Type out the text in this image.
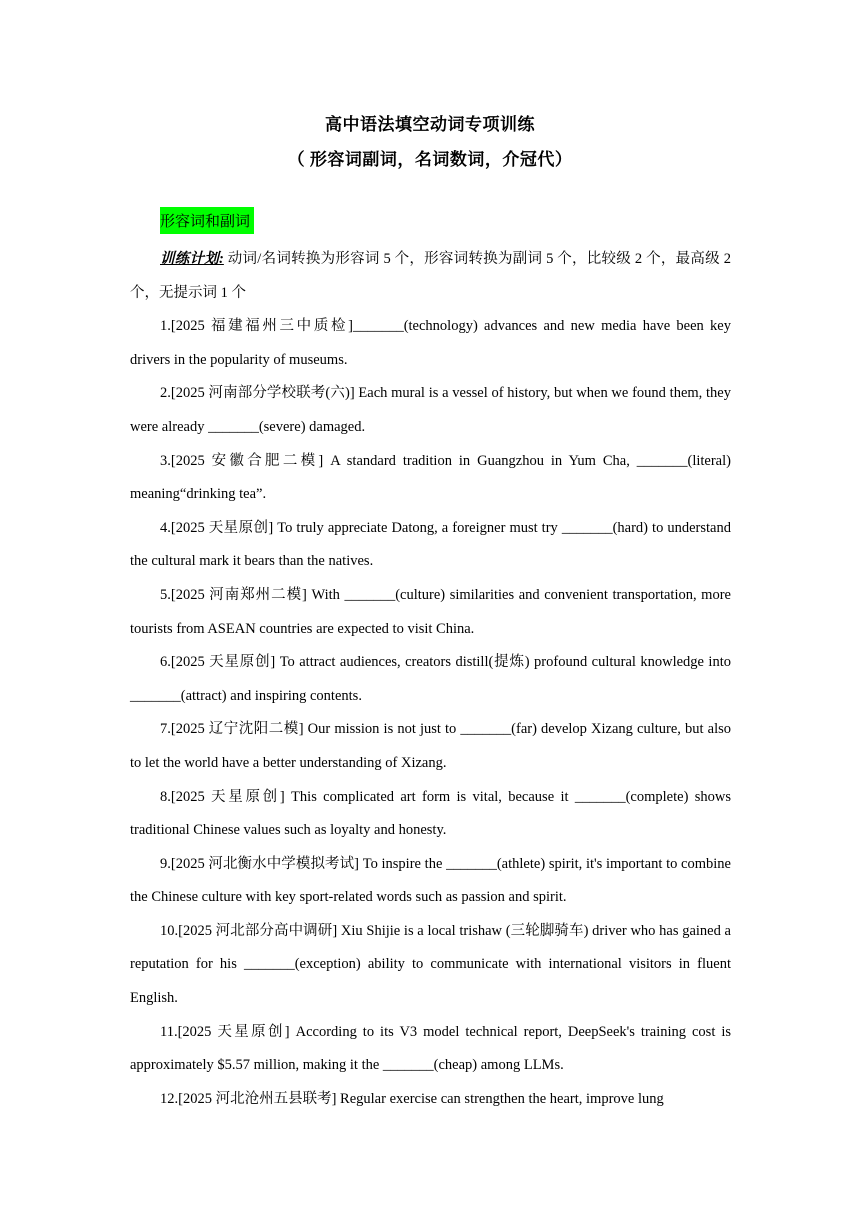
高中语法填空动词专项训练
（ 形容词副词，名词数词，介冠代）
形容词和副词

训练计划: 动词/名词转换为形容词 5 个，形容词转换为副词 5 个，比较级 2 个，最高级 2 个，无提示词 1 个

1.[2025 福建福州三中质检]_______(technology) advances and new media have been key drivers in the popularity of museums.

2.[2025 河南部分学校联考(六)] Each mural is a vessel of history, but when we found them, they were already _______(severe) damaged.

3.[2025 安徽合肥二模] A standard tradition in Guangzhou in Yum Cha, _______(literal) meaning“drinking tea”.

4.[2025 天星原创] To truly appreciate Datong, a foreigner must try _______(hard) to understand the cultural mark it bears than the natives.

5.[2025 河南郑州二模] With _______(culture) similarities and convenient transportation, more tourists from ASEAN countries are expected to visit China.

6.[2025 天星原创] To attract audiences, creators distill(提炼) profound cultural knowledge into _______(attract) and inspiring contents.

7.[2025 辽宁沈阳二模] Our mission is not just to _______(far) develop Xizang culture, but also to let the world have a better understanding of Xizang.

8.[2025 天星原创] This complicated art form is vital, because it _______(complete) shows traditional Chinese values such as loyalty and honesty.

9.[2025 河北衡水中学模拟考试] To inspire the _______(athlete) spirit, it's important to combine the Chinese culture with key sport-related words such as passion and spirit.

10.[2025 河北部分高中调研] Xiu Shijie is a local trishaw (三轮脚骑车) driver who has gained a reputation for his _______(exception) ability to communicate with international visitors in fluent English.

11.[2025 天星原创] According to its V3 model technical report, DeepSeek's training cost is approximately $5.57 million, making it the _______(cheap) among LLMs.

12.[2025 河北沧州五县联考] Regular exercise can strengthen the heart, improve lung
